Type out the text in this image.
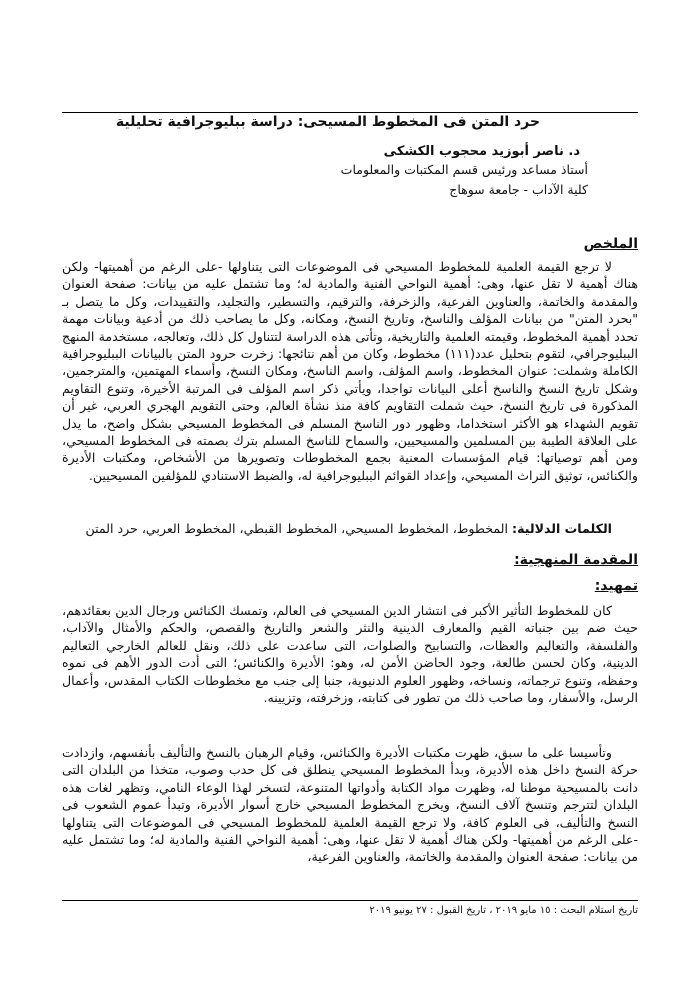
حرد المتن فى المخطوط المسيحى: دراسة ببليوجرافية تحليلية
د. ناصر أبوزيد محجوب الكشكى
أستاذ مساعد ورئيس قسم المكتبات والمعلومات
كلية الآداب - جامعة سوهاج
الملخص
لا ترجع القيمة العلمية للمخطوط المسيحي فى الموضوعات التى يتناولها -على الرغم من أهميتها- ولكن هناك أهمية لا تقل عنها، وهى: أهمية النواحي الفنية والمادية له؛ وما تشتمل عليه من بيانات: صفحة العنوان والمقدمة والخاتمة، والعناوين الفرعية، والزخرفة، والترقيم، والتسطير، والتجليد، والتقييدات، وكل ما يتصل بـ "بحرد المتن" من بيانات المؤلف والناسخ، وتاريخ النسخ، ومكانه، وكل ما يصاحب ذلك من أدعية وبيانات مهمة تحدد أهمية المخطوط، وقيمته العلمية والتاريخية، وتأتى هذه الدراسة لتتناول كل ذلك، وتعالجه، مستخدمة المنهج الببليوجرافي، لتقوم بتحليل عدد(١١١) مخطوط، وكان من أهم نتائجها: زخرت حرود المتن بالبيانات الببليوجرافية الكاملة وشملت: عنوان المخطوط، واسم المؤلف، واسم الناسخ، ومكان النسخ، وأسماء المهتمين، والمترجمين، وشكل تاريخ النسخ والناسخ أعلى البيانات تواجدا، ويأتي ذكر اسم المؤلف فى المرتبة الأخيرة، وتنوع التقاويم المذكورة فى تاريخ النسخ، حيث شملت التقاويم كافة منذ نشأة العالم، وحتى التقويم الهجري العربي، غير أن تقويم الشهداء هو الأكثر استخداما، وظهور دور الناسخ المسلم فى المخطوط المسيحي بشكل واضح، ما يدل على العلاقة الطيبة بين المسلمين والمسيحيين، والسماح للناسخ المسلم بترك بصمته فى المخطوط المسيحي، ومن أهم توصياتها: قيام المؤسسات المعنية بجمع المخطوطات وتصويرها من الأشخاص، ومكتبات الأديرة والكنائس، توثيق التراث المسيحي، وإعداد القوائم الببليوجرافية له، والضبط الاستنادي للمؤلفين المسيحيين.
الكلمات الدلالية: المخطوط، المخطوط المسيحي، المخطوط القبطي، المخطوط العربي، حرد المتن
المقدمة المنهجية:
تمهيد:
كان للمخطوط التأثير الأكبر فى انتشار الدين المسيحي فى العالم، وتمسك الكنائس ورجال الدين بعقائدهم، حيث ضم بين جنباته القيم والمعارف الدينية والنثر والشعر والتاريخ والقصص، والحكم والأمثال والآداب، والفلسفة، والتعاليم والعظات، والتسابيح والصلوات، التى ساعدت على ذلك، ونقل للعالم الخارجي التعاليم الدينية، وكان لحسن طالعة، وجود الحاضن الأمن له، وهو: الأديرة والكنائس؛ التى أدت الدور الأهم فى نموه وحفظه، وتنوع ترجماته، ونساخه، وظهور العلوم الدنيوية، جنبا إلى جنب مع مخطوطات الكتاب المقدس، وأعمال الرسل، والأسفار، وما صاحب ذلك من تطور فى كتابته، وزخرفته، وتزيينه.
وتأسيسا على ما سبق، ظهرت مكتبات الأديرة والكنائس، وقيام الرهبان بالنسخ والتأليف بأنفسهم، وازدادت حركة النسخ داخل هذه الأديرة، وبدأ المخطوط المسيحي ينطلق فى كل حدب وصوب، متخذا من البلدان التى دانت بالمسيحية موطنا له، وظهرت مواد الكتابة وأدواتها المتنوعة، لتسخر لهذا الوعاء النامي، وتظهر لغات هذه البلدان لتترجم وتنسخ آلاف النسخ، ويخرج المخطوط المسيحي خارج أسوار الأديرة، وتبدأ عموم الشعوب فى النسخ والتأليف، فى العلوم كافة، ولا ترجع القيمة العلمية للمخطوط المسيحي فى الموضوعات التى يتناولها -على الرغم من أهميتها- ولكن هناك أهمية لا تقل عنها، وهى: أهمية النواحي الفنية والمادية له؛ وما تشتمل عليه من بيانات: صفحة العنوان والمقدمة والخاتمة، والعناوين الفرعية،
تاريخ استلام البحث : ١٥ مايو ٢٠١٩ ، تاريخ القبول : ٢٧ يونيو ٢٠١٩
